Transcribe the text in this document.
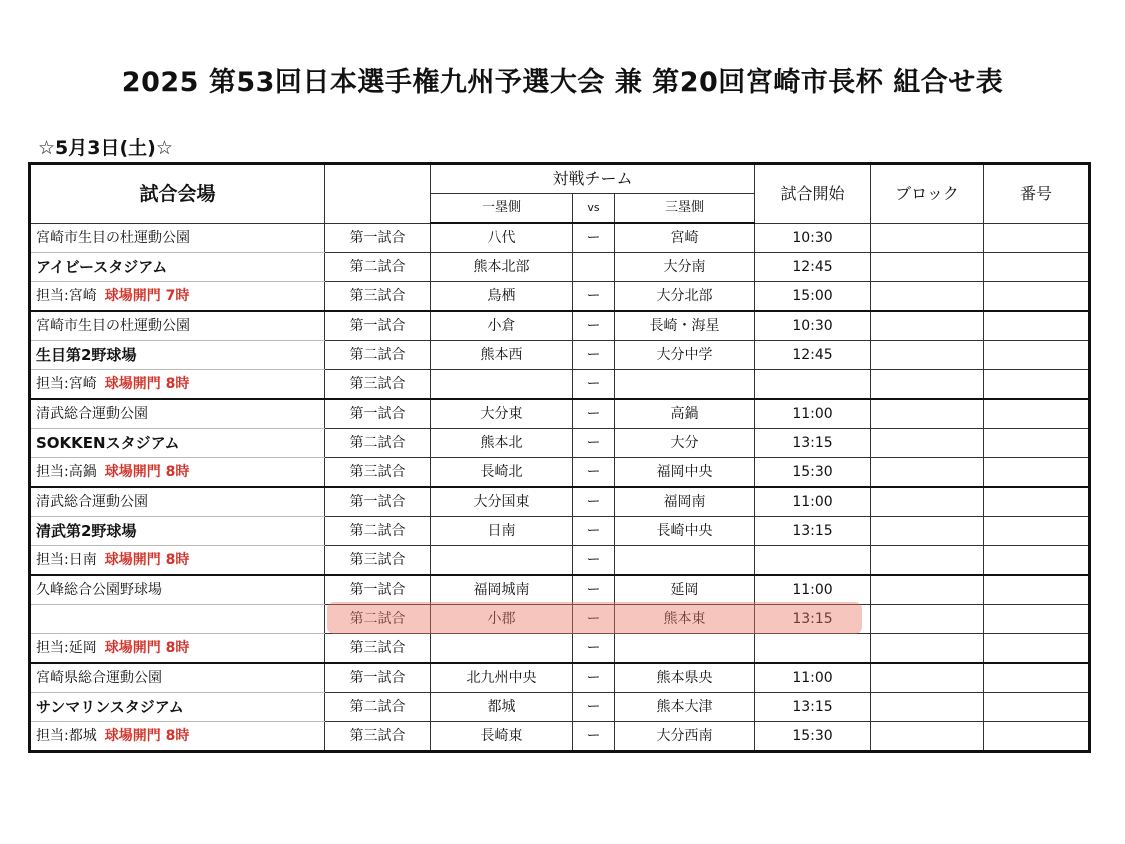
2025 第53回日本選手権九州予選大会 兼 第20回宮崎市長杯 組合せ表
☆5月3日(土)☆
試合会場		対戦チーム			試合開始	ブロック	番号
		一塁側	vs	三塁側			
宮崎市生目の杜運動公園	第一試合	八代	ー	宮崎	10:30		
アイビースタジアム	第二試合	熊本北部		大分南	12:45		
担当:宮崎 球場開門 7時	第三試合	鳥栖	ー	大分北部	15:00		
宮崎市生目の杜運動公園	第一試合	小倉	ー	長崎・海星	10:30		
生目第2野球場	第二試合	熊本西	ー	大分中学	12:45		
担当:宮崎 球場開門 8時	第三試合		ー				
清武総合運動公園	第一試合	大分東	ー	高鍋	11:00		
SOKKENスタジアム	第二試合	熊本北	ー	大分	13:15		
担当:高鍋 球場開門 8時	第三試合	長崎北	ー	福岡中央	15:30		
清武総合運動公園	第一試合	大分国東	ー	福岡南	11:00		
清武第2野球場	第二試合	日南	ー	長崎中央	13:15		
担当:日南 球場開門 8時	第三試合		ー				
久峰総合公園野球場	第一試合	福岡城南	ー	延岡	11:00		
	第二試合	小郡	ー	熊本東	13:15		
担当:延岡 球場開門 8時	第三試合		ー				
宮崎県総合運動公園	第一試合	北九州中央	ー	熊本県央	11:00		
サンマリンスタジアム	第二試合	都城	ー	熊本大津	13:15		
担当:都城 球場開門 8時	第三試合	長崎東	ー	大分西南	15:30		
